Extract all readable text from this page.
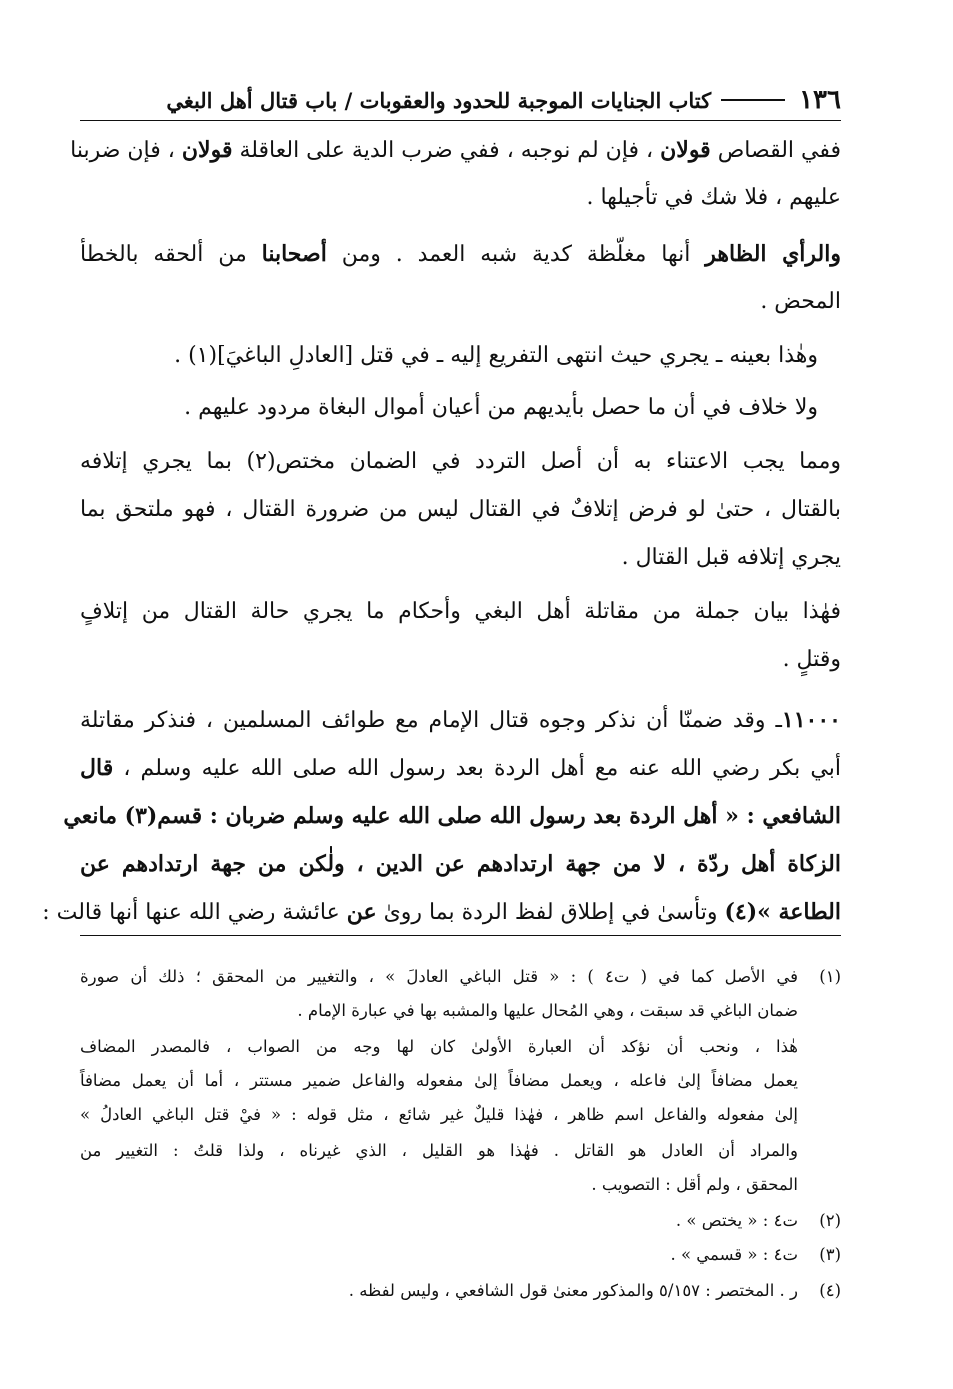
١٣٦
كتاب الجنايات الموجبة للحدود والعقوبات / باب قتال أهل البغي
ففي القصاص قولان ، فإن لم نوجبه ، ففي ضرب الدية على العاقلة قولان ، فإن ضربنا
عليهم ، فلا شك في تأجيلها .
والرأي الظاهر أنها مغلّظة كدية شبه العمد . ومن أصحابنا من ألحقه بالخطأ
المحض .
وهٰذا بعينه ـ يجري حيث انتهى التفريع إليه ـ في قتل [العادلِ الباغيَ](١) .
ولا خلاف في أن ما حصل بأيديهم من أعيان أموال البغاة مردود عليهم .
ومما يجب الاعتناء به أن أصل التردد في الضمان مختص(٢) بما يجري إتلافه
بالقتال ، حتىٰ لو فرض إتلافٌ في القتال ليس من ضرورة القتال ، فهو ملتحق بما
يجري إتلافه قبل القتال .
فهٰذا بيان جملة من مقاتلة أهل البغي وأحكام ما يجري حالة القتال من إتلافٍ
وقتلٍ .
١١٠٠٠ـ وقد ضمنّا أن نذكر وجوه قتال الإمام مع طوائف المسلمين ، فنذكر مقاتلة
أبي بكر رضي الله عنه مع أهل الردة بعد رسول الله صلى الله عليه وسلم ، قال
الشافعي : « أهل الردة بعد رسول الله صلى الله عليه وسلم ضربان : قسم(٣) مانعي
الزكاة أهل ردّة ، لا من جهة ارتدادهم عن الدين ، ولٰكن من جهة ارتدادهم عن
الطاعة »(٤) وتأسىٰ في إطلاق لفظ الردة بما روىٰ عن عائشة رضي الله عنها أنها قالت :
(١)
في الأصل كما في ( ت٤ ) : « قتل الباغي العادلَ » ، والتغيير من المحقق ؛ ذلك أن صورة
ضمان الباغي قد سبقت ، وهي المُحال عليها والمشبه بها في عبارة الإمام .
هٰذا ، ونحب أن نؤكد أن العبارة الأولىٰ كان لها وجه من الصواب ، فالمصدر المضاف
يعمل مضافاً إلىٰ فاعله ، ويعمل مضافاً إلىٰ مفعوله والفاعل ضمير مستتر ، أما أن يعمل مضافاً
إلىٰ مفعوله والفاعل اسم ظاهر ، فهٰذا قليلٌ غير شائع ، مثل قوله : « فيْ قتل الباغي العادلُ »
والمراد أن العادل هو القاتل . فهٰذا هو القليل ، الذي غيرناه ، ولذا قلتُ : التغيير من
المحقق ، ولم أقل : التصويب .
(٢)
ت٤ : « يختص » .
(٣)
ت٤ : « قسمي » .
(٤)
ر . المختصر : ٥/١٥٧ والمذكور معنىٰ قول الشافعي ، وليس لفظه .
